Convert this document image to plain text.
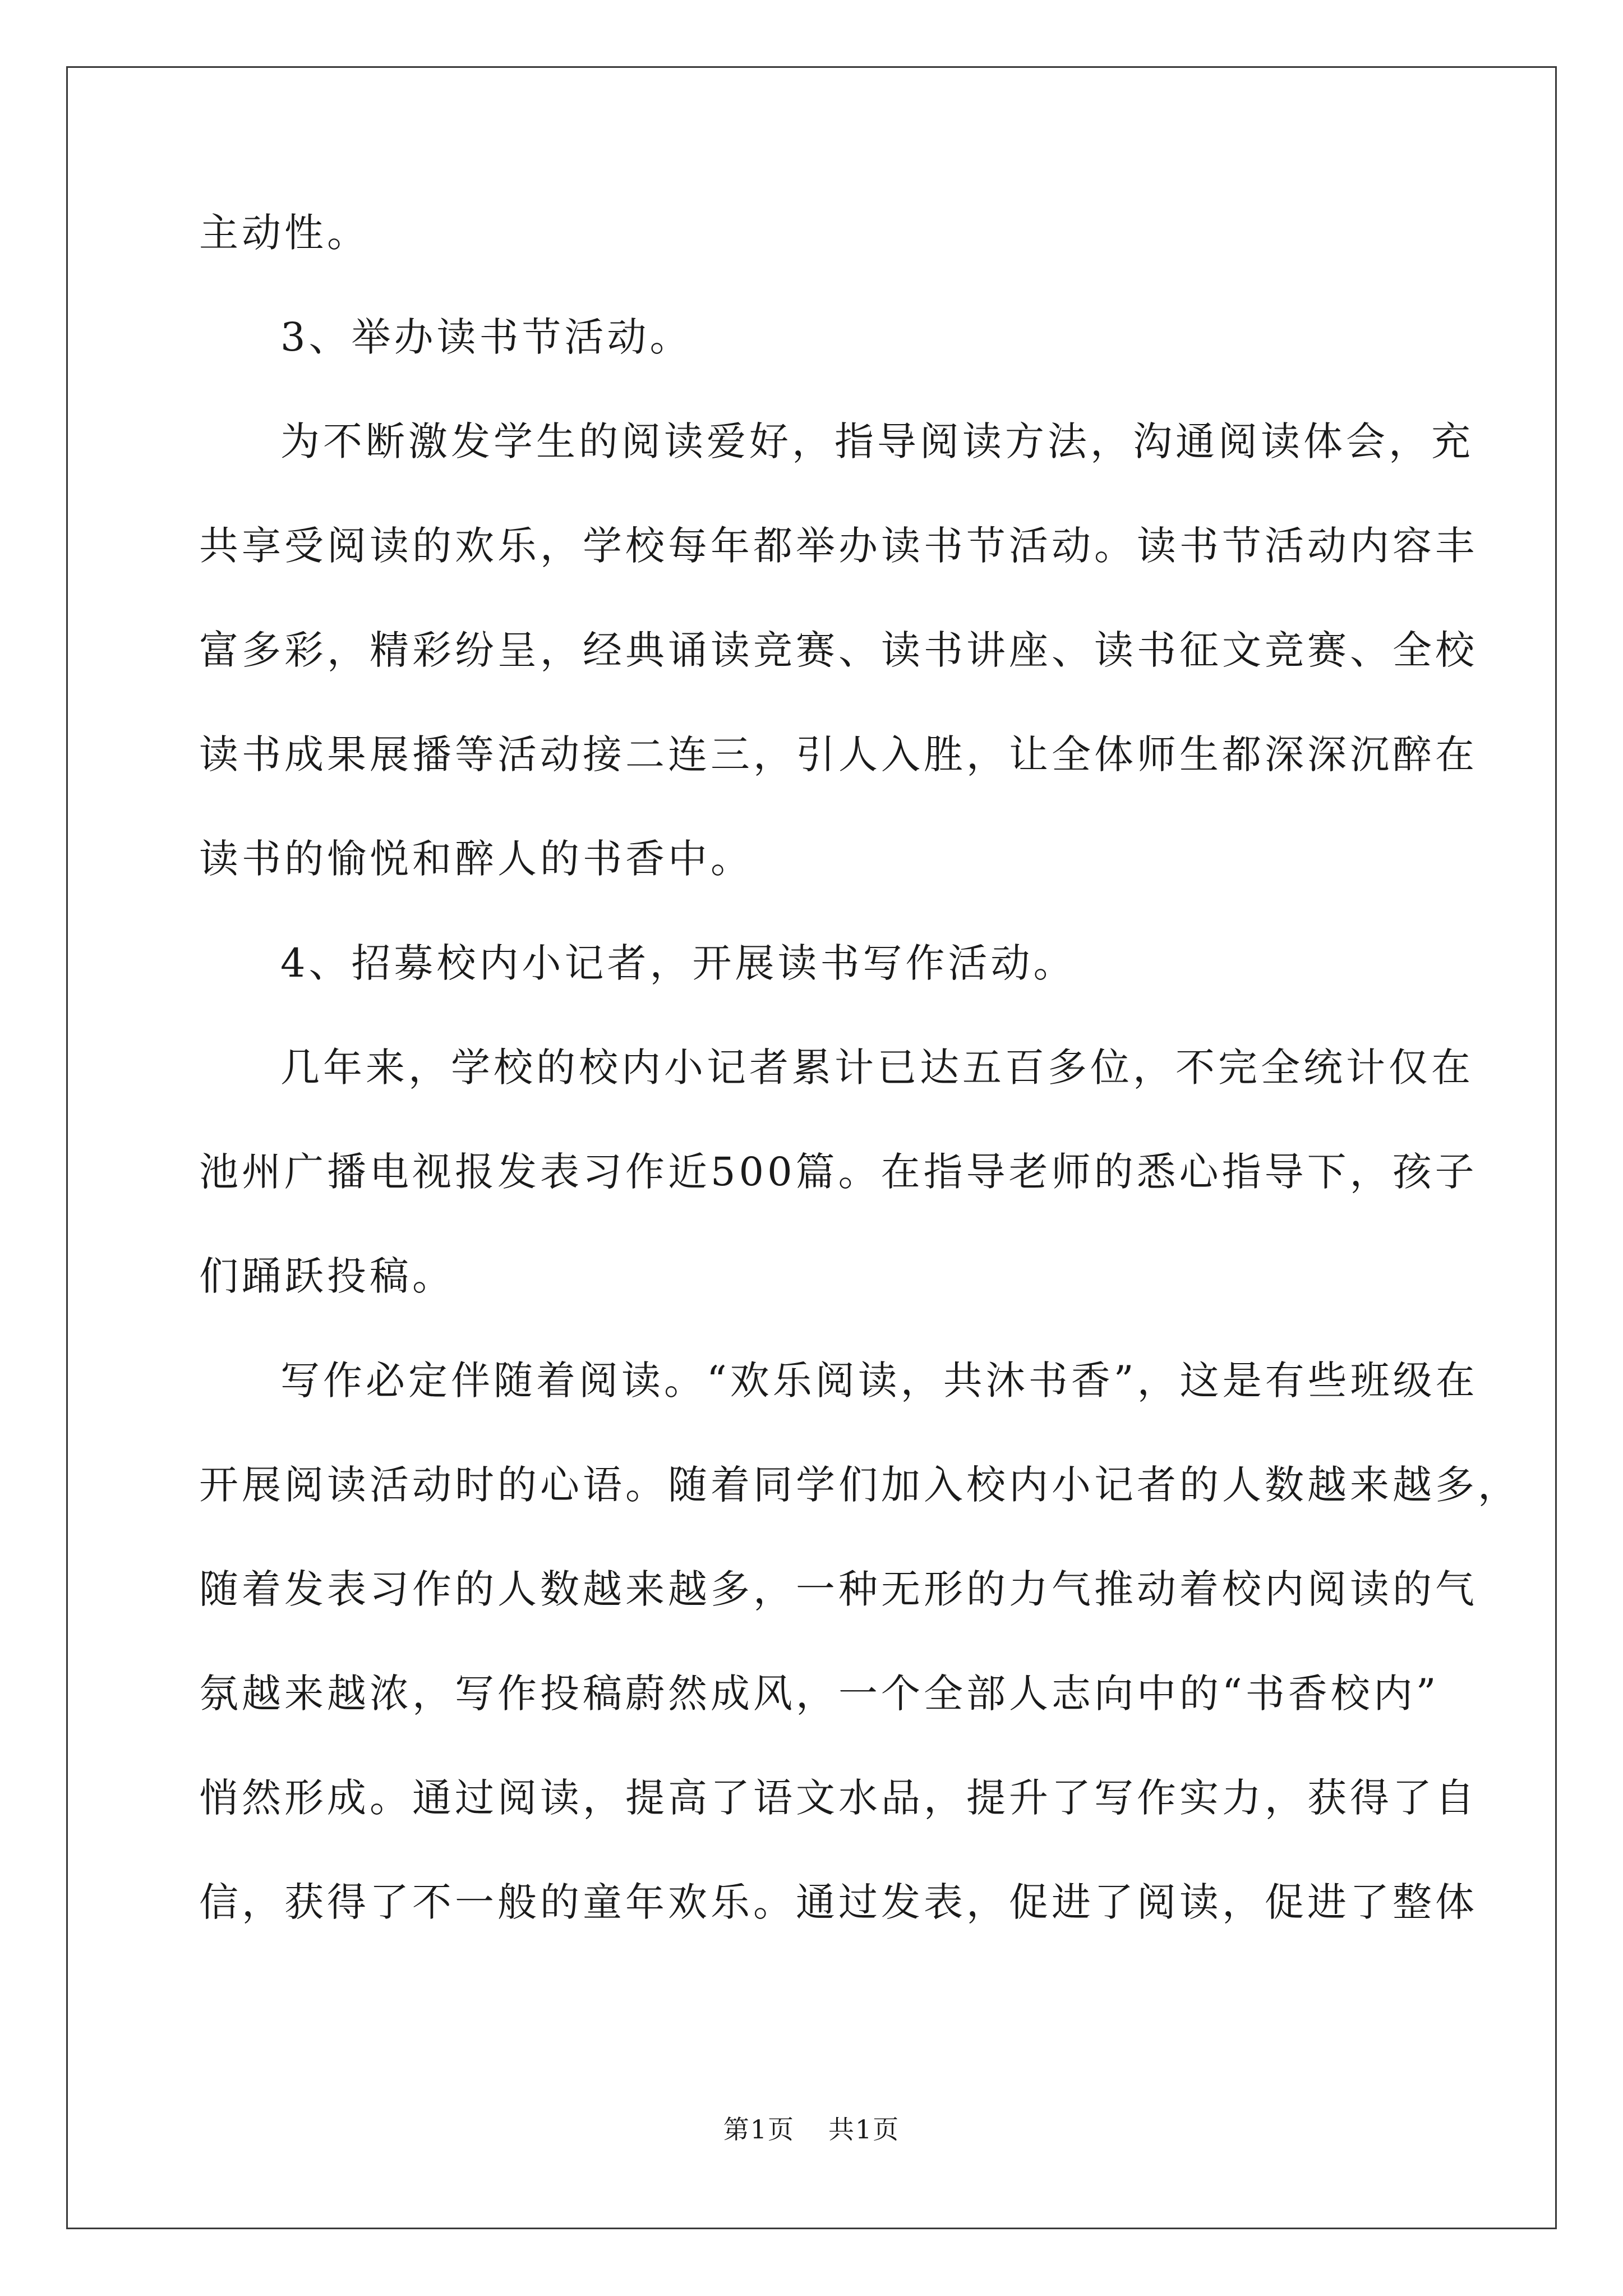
主动性。
3、举办读书节活动。
为不断激发学生的阅读爱好，指导阅读方法，沟通阅读体会，充
共享受阅读的欢乐，学校每年都举办读书节活动。读书节活动内容丰
富多彩，精彩纷呈，经典诵读竞赛、读书讲座、读书征文竞赛、全校
读书成果展播等活动接二连三，引人入胜，让全体师生都深深沉醉在
读书的愉悦和醉人的书香中。
4、招募校内小记者，开展读书写作活动。
几年来，学校的校内小记者累计已达五百多位，不完全统计仅在
池州广播电视报发表习作近500篇。在指导老师的悉心指导下，孩子
们踊跃投稿。
写作必定伴随着阅读。“欢乐阅读，共沐书香”，这是有些班级在
开展阅读活动时的心语。随着同学们加入校内小记者的人数越来越多，
随着发表习作的人数越来越多，一种无形的力气推动着校内阅读的气
氛越来越浓，写作投稿蔚然成风，一个全部人志向中的“书香校内”
悄然形成。通过阅读，提高了语文水品，提升了写作实力，获得了自
信，获得了不一般的童年欢乐。通过发表，促进了阅读，促进了整体
第1页 共1页
